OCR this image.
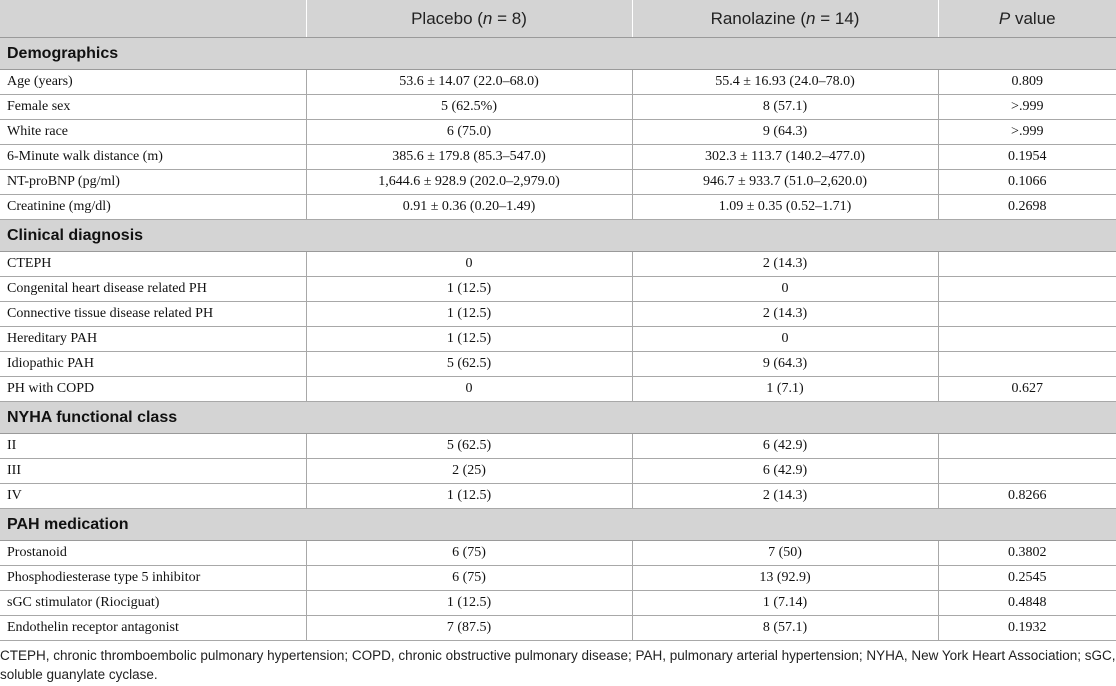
	Placebo (n = 8)	Ranolazine (n = 14)	P value
Demographics			
Age (years)	53.6 ± 14.07 (22.0–68.0)	55.4 ± 16.93 (24.0–78.0)	0.809
Female sex	5 (62.5%)	8 (57.1)	>.999
White race	6 (75.0)	9 (64.3)	>.999
6-Minute walk distance (m)	385.6 ± 179.8 (85.3–547.0)	302.3 ± 113.7 (140.2–477.0)	0.1954
NT-proBNP (pg/ml)	1,644.6 ± 928.9 (202.0–2,979.0)	946.7 ± 933.7 (51.0–2,620.0)	0.1066
Creatinine (mg/dl)	0.91 ± 0.36 (0.20–1.49)	1.09 ± 0.35 (0.52–1.71)	0.2698
Clinical diagnosis			
CTEPH	0	2 (14.3)	
Congenital heart disease related PH	1 (12.5)	0	
Connective tissue disease related PH	1 (12.5)	2 (14.3)	
Hereditary PAH	1 (12.5)	0	
Idiopathic PAH	5 (62.5)	9 (64.3)	
PH with COPD	0	1 (7.1)	0.627
NYHA functional class			
II	5 (62.5)	6 (42.9)	
III	2 (25)	6 (42.9)	
IV	1 (12.5)	2 (14.3)	0.8266
PAH medication			
Prostanoid	6 (75)	7 (50)	0.3802
Phosphodiesterase type 5 inhibitor	6 (75)	13 (92.9)	0.2545
sGC stimulator (Riociguat)	1 (12.5)	1 (7.14)	0.4848
Endothelin receptor antagonist	7 (87.5)	8 (57.1)	0.1932

CTEPH, chronic thromboembolic pulmonary hypertension; COPD, chronic obstructive pulmonary disease; PAH, pulmonary arterial hypertension; NYHA, New York Heart Association; sGC, soluble guanylate cyclase.
